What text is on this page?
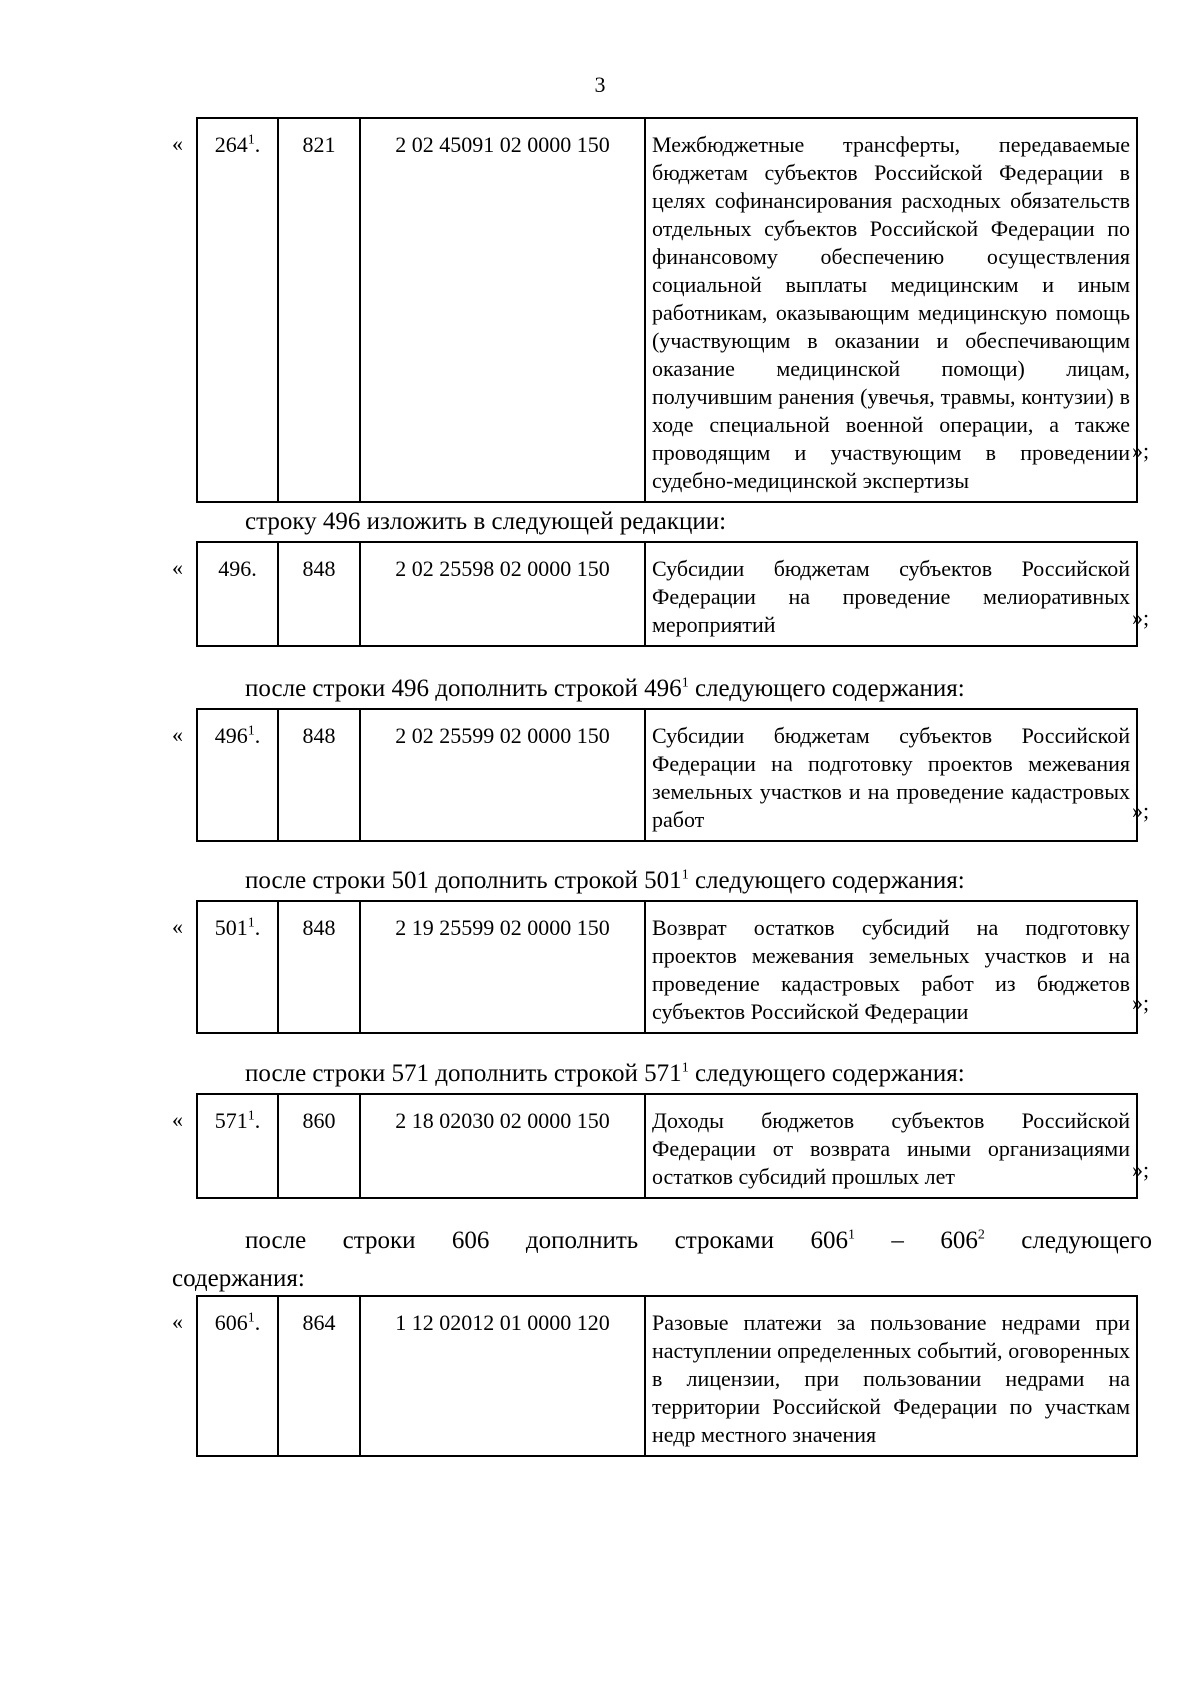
3
« $264^1$.	821	2 02 45091 02 0000 150	Межбюджетные трансферты, передаваемые бюджетам субъектов Российской Федерации в целях софинансирования расходных обязательств отдельных субъектов Российской Федерации по финансовому обеспечению осуществления социальной выплаты медицинским и иным работникам, оказывающим медицинскую помощь (участвующим в оказании и обеспечивающим оказание медицинской помощи) лицам, получившим ранения (увечья, травмы, контузии) в ходе специальной военной операции, а также проводящим и участвующим в проведении судебно-медицинской экспертизы
»;
строку 496 изложить в следующей редакции:
« 496.	848	2 02 25598 02 0000 150	Субсидии бюджетам субъектов Российской Федерации на проведение мелиоративных мероприятий	»;
после строки 496 дополнить строкой $496^1$ следующего содержания:
« $496^1$.	848	2 02 25599 02 0000 150	Субсидии бюджетам субъектов Российской Федерации на подготовку проектов межевания земельных участков и на проведение кадастровых работ	»;
после строки 501 дополнить строкой $501^1$ следующего содержания:
« $501^1$.	848	2 19 25599 02 0000 150	Возврат остатков субсидий на подготовку проектов межевания земельных участков и на проведение кадастровых работ из бюджетов субъектов Российской Федерации	»;
после строки 571 дополнить строкой $571^1$ следующего содержания:
« $571^1$.	860	2 18 02030 02 0000 150	Доходы бюджетов субъектов Российской Федерации от возврата иными организациями остатков субсидий прошлых лет	»;
после строки 606 дополнить строками $606^1 - 606^2$ следующего содержания:
« $606^1$.	864	1 12 02012 01 0000 120	Разовые платежи за пользование недрами при наступлении определенных событий, оговоренных в лицензии, при пользовании недрами на территории Российской Федерации по участкам недр местного значения
